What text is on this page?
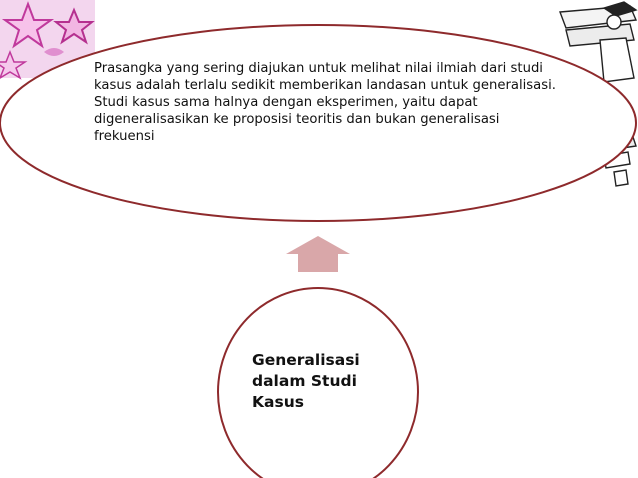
Prasangka yang sering diajukan untuk melihat nilai ilmiah dari studi kasus adalah terlalu sedikit memberikan landasan untuk generalisasi. Studi kasus sama halnya dengan eksperimen, yaitu dapat digeneralisasikan ke proposisi teoritis dan bukan generalisasi frekuensi
Generalisasi dalam Studi Kasus
